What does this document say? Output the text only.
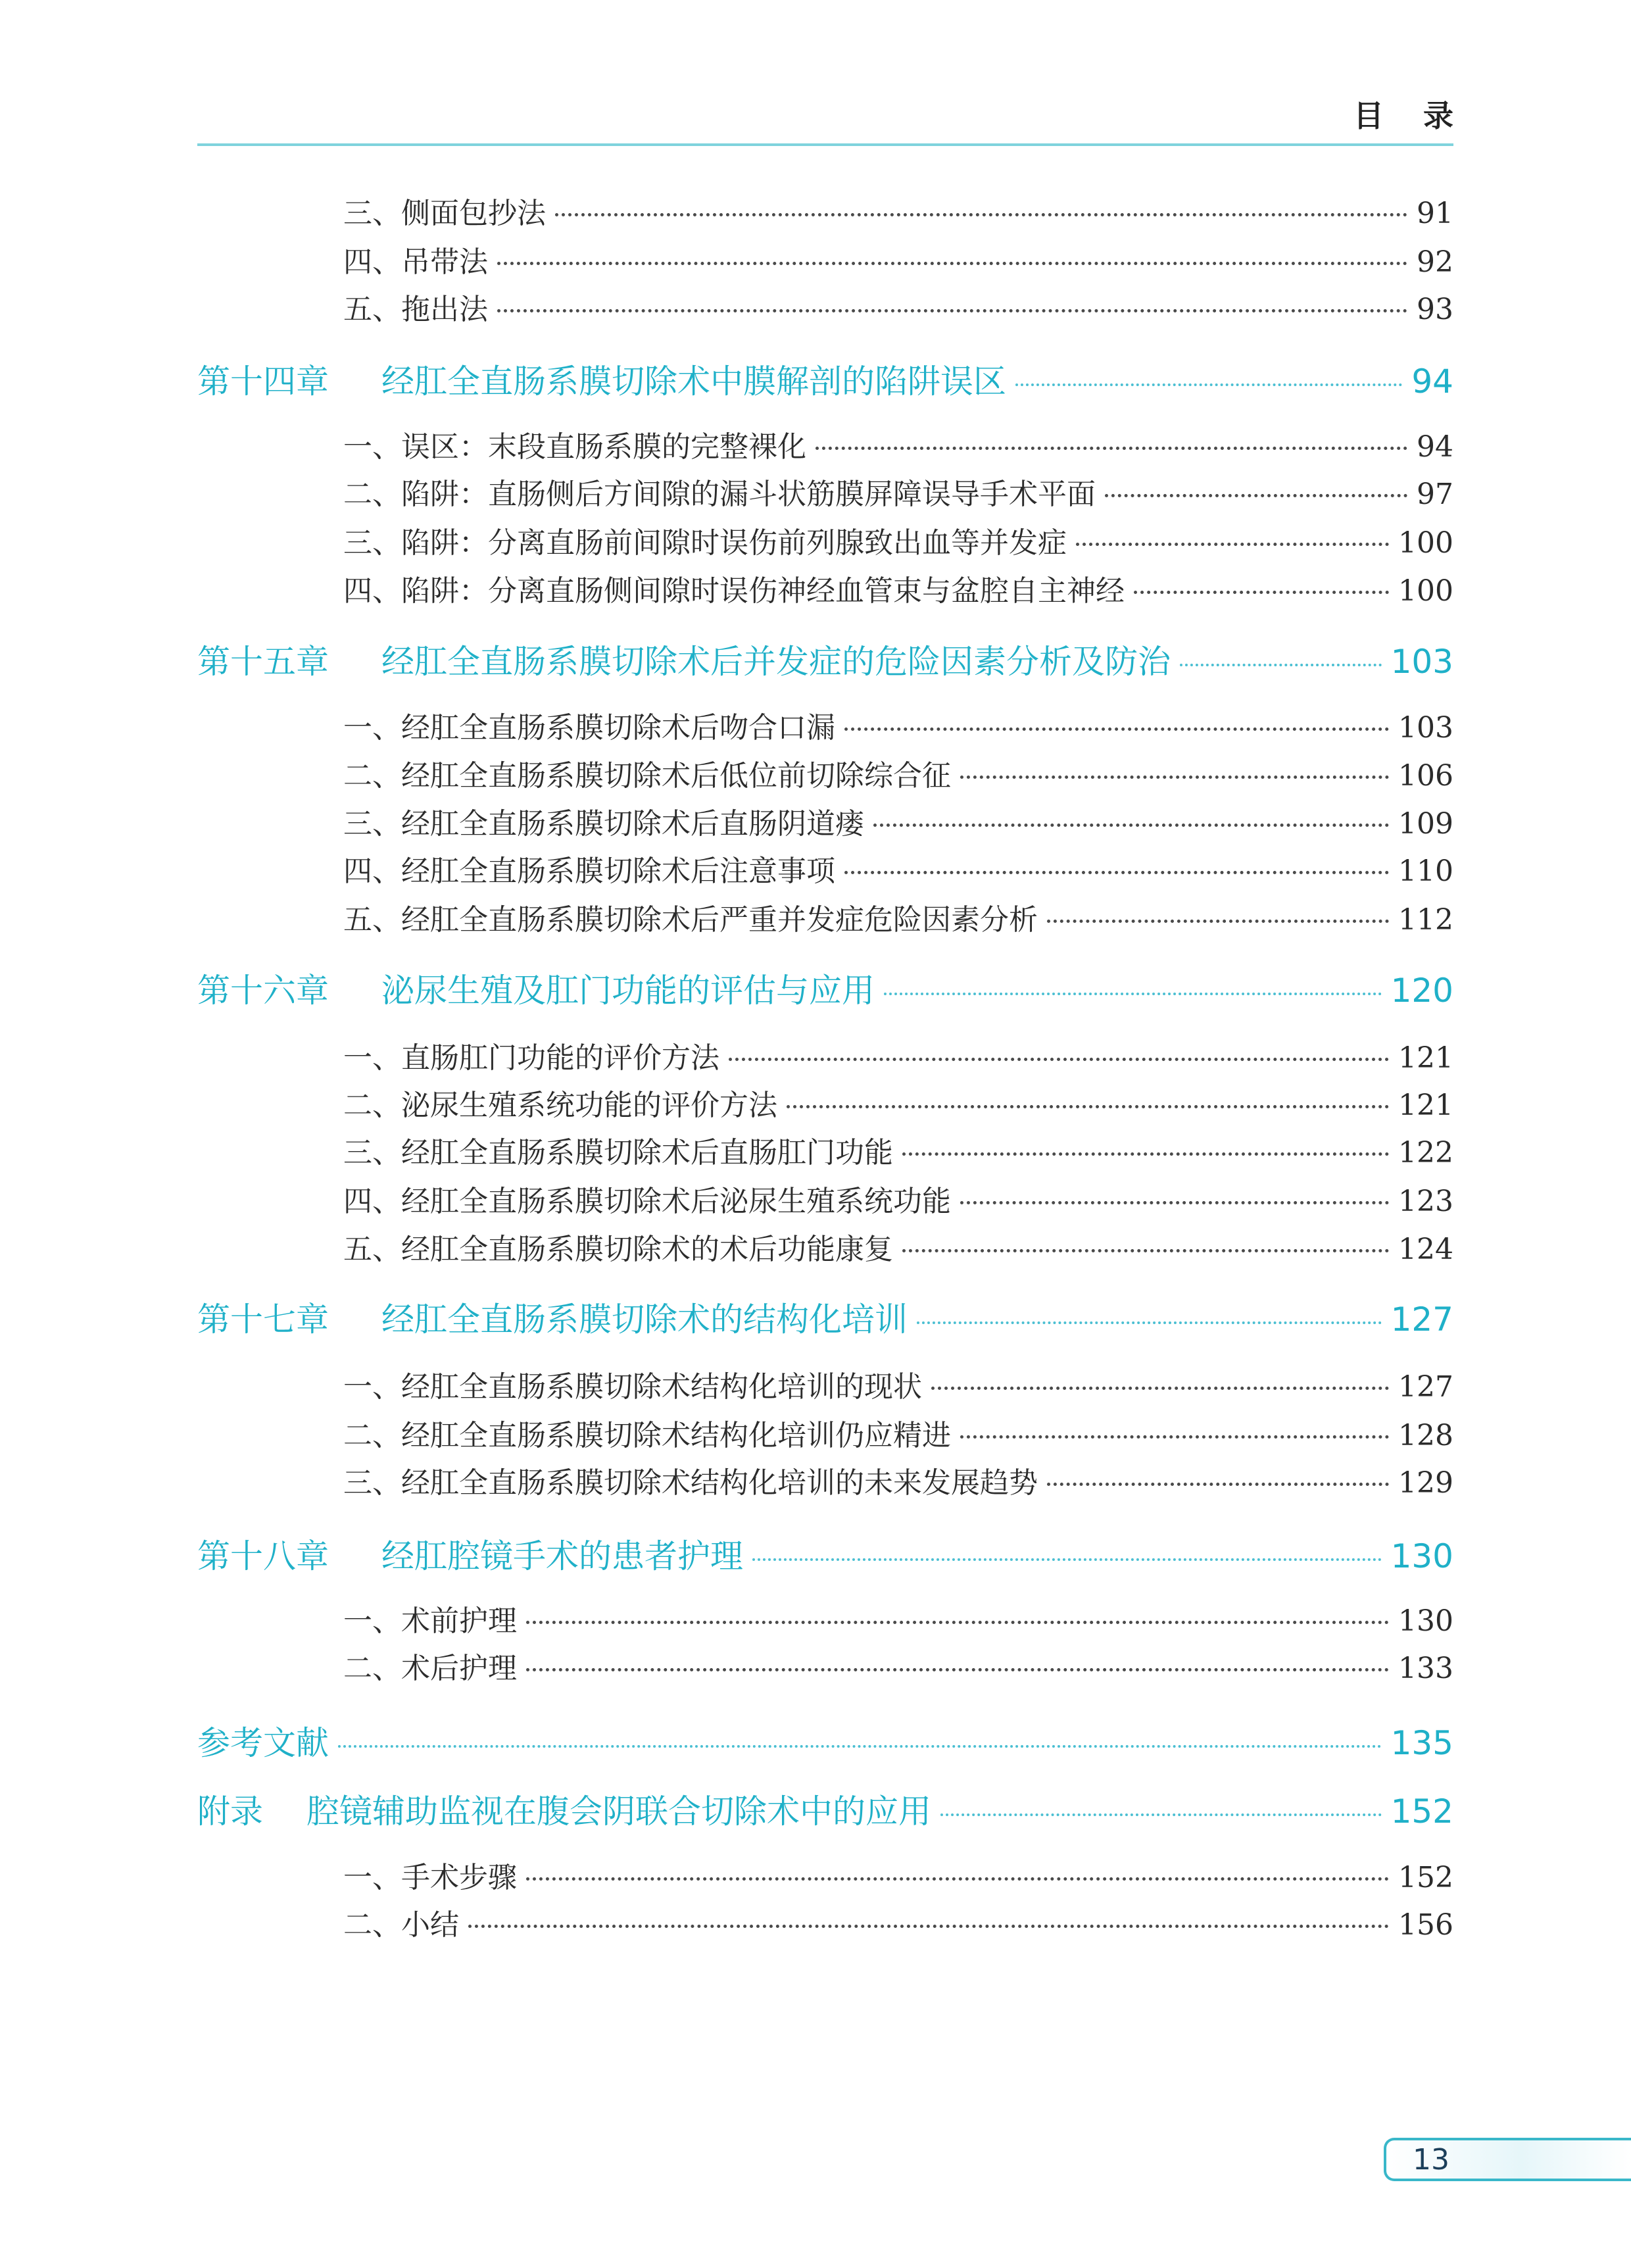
目录
三、侧面包抄法	91
四、吊带法	92
五、拖出法	93
第十四章	经肛全直肠系膜切除术中膜解剖的陷阱误区	94
一、误区：末段直肠系膜的完整裸化	94
二、陷阱：直肠侧后方间隙的漏斗状筋膜屏障误导手术平面	97
三、陷阱：分离直肠前间隙时误伤前列腺致出血等并发症	100
四、陷阱：分离直肠侧间隙时误伤神经血管束与盆腔自主神经	100
第十五章	经肛全直肠系膜切除术后并发症的危险因素分析及防治	103
一、经肛全直肠系膜切除术后吻合口漏	103
二、经肛全直肠系膜切除术后低位前切除综合征	106
三、经肛全直肠系膜切除术后直肠阴道瘘	109
四、经肛全直肠系膜切除术后注意事项	110
五、经肛全直肠系膜切除术后严重并发症危险因素分析	112
第十六章	泌尿生殖及肛门功能的评估与应用	120
一、直肠肛门功能的评价方法	121
二、泌尿生殖系统功能的评价方法	121
三、经肛全直肠系膜切除术后直肠肛门功能	122
四、经肛全直肠系膜切除术后泌尿生殖系统功能	123
五、经肛全直肠系膜切除术的术后功能康复	124
第十七章	经肛全直肠系膜切除术的结构化培训	127
一、经肛全直肠系膜切除术结构化培训的现状	127
二、经肛全直肠系膜切除术结构化培训仍应精进	128
三、经肛全直肠系膜切除术结构化培训的未来发展趋势	129
第十八章	经肛腔镜手术的患者护理	130
一、术前护理	130
二、术后护理	133
参考文献	135
附录	腔镜辅助监视在腹会阴联合切除术中的应用	152
一、手术步骤	152
二、小结	156
13
